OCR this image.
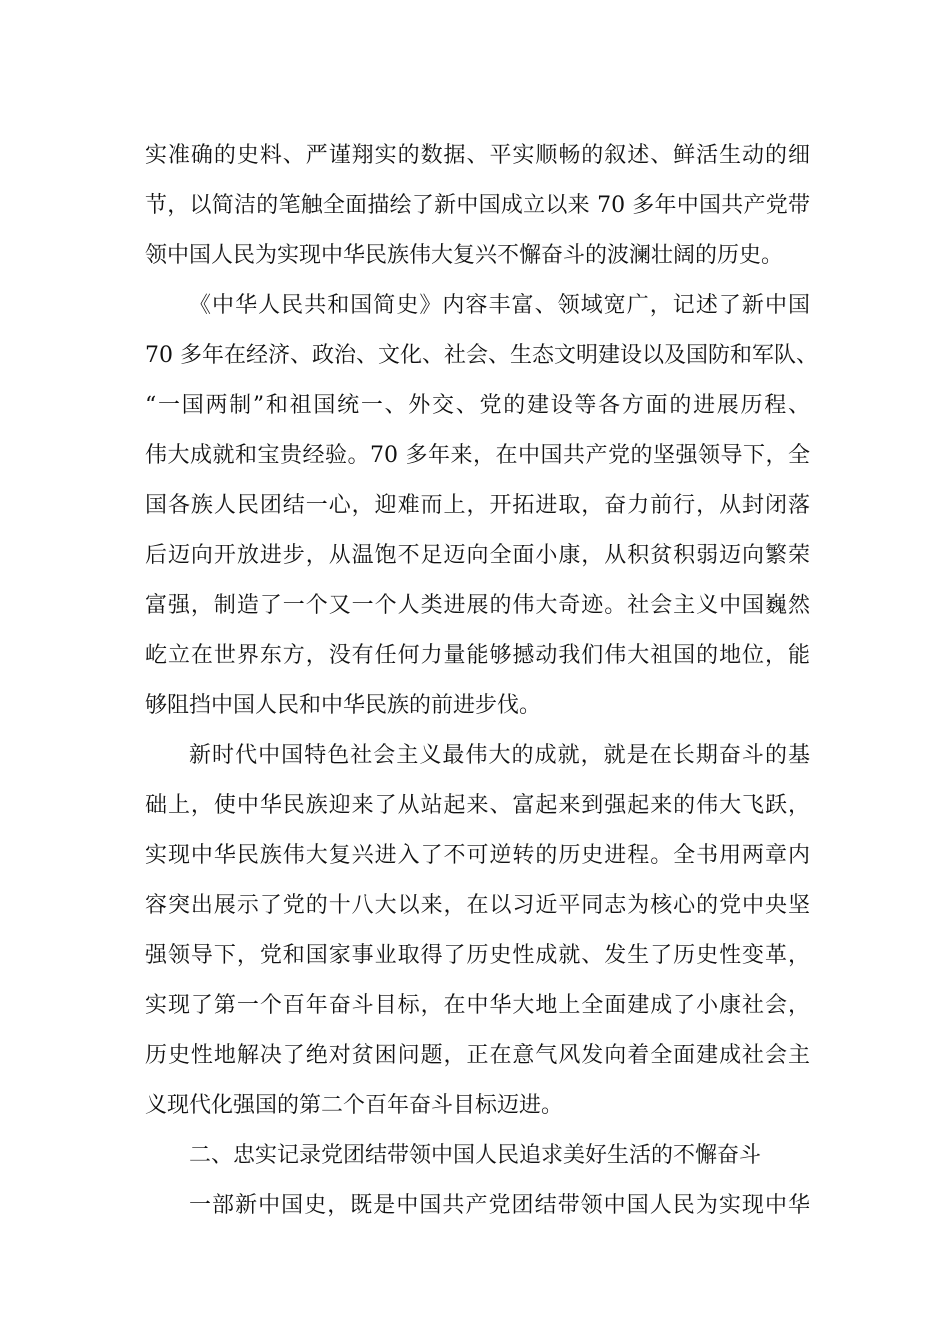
实准确的史料、严谨翔实的数据、平实顺畅的叙述、鲜活生动的细
节，以简洁的笔触全面描绘了新中国成立以来 70 多年中国共产党带
领中国人民为实现中华民族伟大复兴不懈奋斗的波澜壮阔的历史。
《中华人民共和国简史》内容丰富、领域宽广，记述了新中国
70 多年在经济、政治、文化、社会、生态文明建设以及国防和军队、
“一国两制”和祖国统一、外交、党的建设等各方面的进展历程、
伟大成就和宝贵经验。70 多年来，在中国共产党的坚强领导下，全
国各族人民团结一心，迎难而上，开拓进取，奋力前行，从封闭落
后迈向开放进步，从温饱不足迈向全面小康，从积贫积弱迈向繁荣
富强，制造了一个又一个人类进展的伟大奇迹。社会主义中国巍然
屹立在世界东方，没有任何力量能够撼动我们伟大祖国的地位，能
够阻挡中国人民和中华民族的前进步伐。
新时代中国特色社会主义最伟大的成就，就是在长期奋斗的基
础上，使中华民族迎来了从站起来、富起来到强起来的伟大飞跃，
实现中华民族伟大复兴进入了不可逆转的历史进程。全书用两章内
容突出展示了党的十八大以来，在以习近平同志为核心的党中央坚
强领导下，党和国家事业取得了历史性成就、发生了历史性变革，
实现了第一个百年奋斗目标，在中华大地上全面建成了小康社会，
历史性地解决了绝对贫困问题，正在意气风发向着全面建成社会主
义现代化强国的第二个百年奋斗目标迈进。
二、忠实记录党团结带领中国人民追求美好生活的不懈奋斗
一部新中国史，既是中国共产党团结带领中国人民为实现中华
